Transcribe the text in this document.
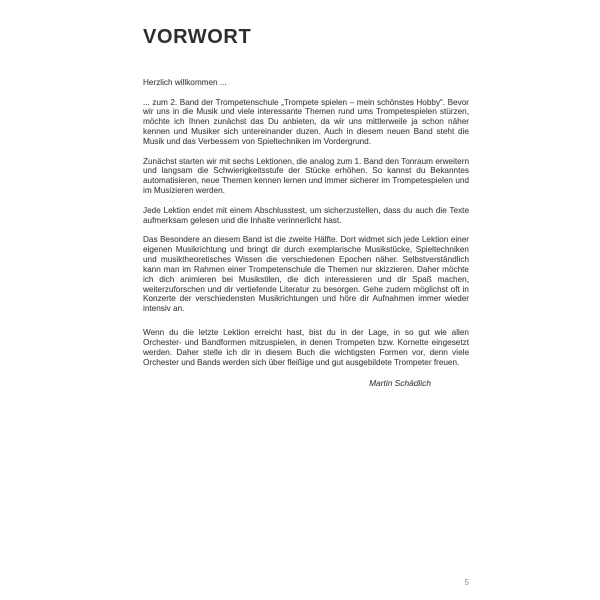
VORWORT

Herzlich willkommen ...

... zum 2. Band der Trompetenschule „Trompete spielen – mein schönstes Hobby“. Bevor wir uns in die Musik und viele interessante Themen rund ums Trompetespielen stürzen, möchte ich Ihnen zunächst das Du anbieten, da wir uns mittlerweile ja schon näher kennen und Musiker sich untereinander duzen. Auch in diesem neuen Band steht die Musik und das Verbessern von Spieltechniken im Vordergrund.

Zunächst starten wir mit sechs Lektionen, die analog zum 1. Band den Tonraum erweitern und langsam die Schwierigkeitsstufe der Stücke erhöhen. So kannst du Bekanntes automatisieren, neue Themen kennen lernen und immer sicherer im Trompetespielen und im Musizieren werden.

Jede Lektion endet mit einem Abschlusstest, um sicherzustellen, dass du auch die Texte aufmerksam gelesen und die Inhalte verinnerlicht hast.

Das Besondere an diesem Band ist die zweite Hälfte. Dort widmet sich jede Lektion einer eigenen Musikrichtung und bringt dir durch exemplarische Musikstücke, Spieltechniken und musiktheoretisches Wissen die verschiedenen Epochen näher. Selbstverständlich kann man im Rahmen einer Trompetenschule die Themen nur skizzieren. Daher möchte ich dich animieren bei Musikstilen, die dich interessieren und dir Spaß machen, weiterzuforschen und dir vertiefende Literatur zu besorgen. Gehe zudem möglichst oft in Konzerte der verschiedensten Musikrichtungen und höre dir Aufnahmen immer wieder intensiv an.

Wenn du die letzte Lektion erreicht hast, bist du in der Lage, in so gut wie allen Orchester- und Bandformen mitzuspielen, in denen Trompeten bzw. Kornette eingesetzt werden. Daher stelle ich dir in diesem Buch die wichtigsten Formen vor, denn viele Orchester und Bands werden sich über fleißige und gut ausgebildete Trompeter freuen.

Martin Schädlich

5
